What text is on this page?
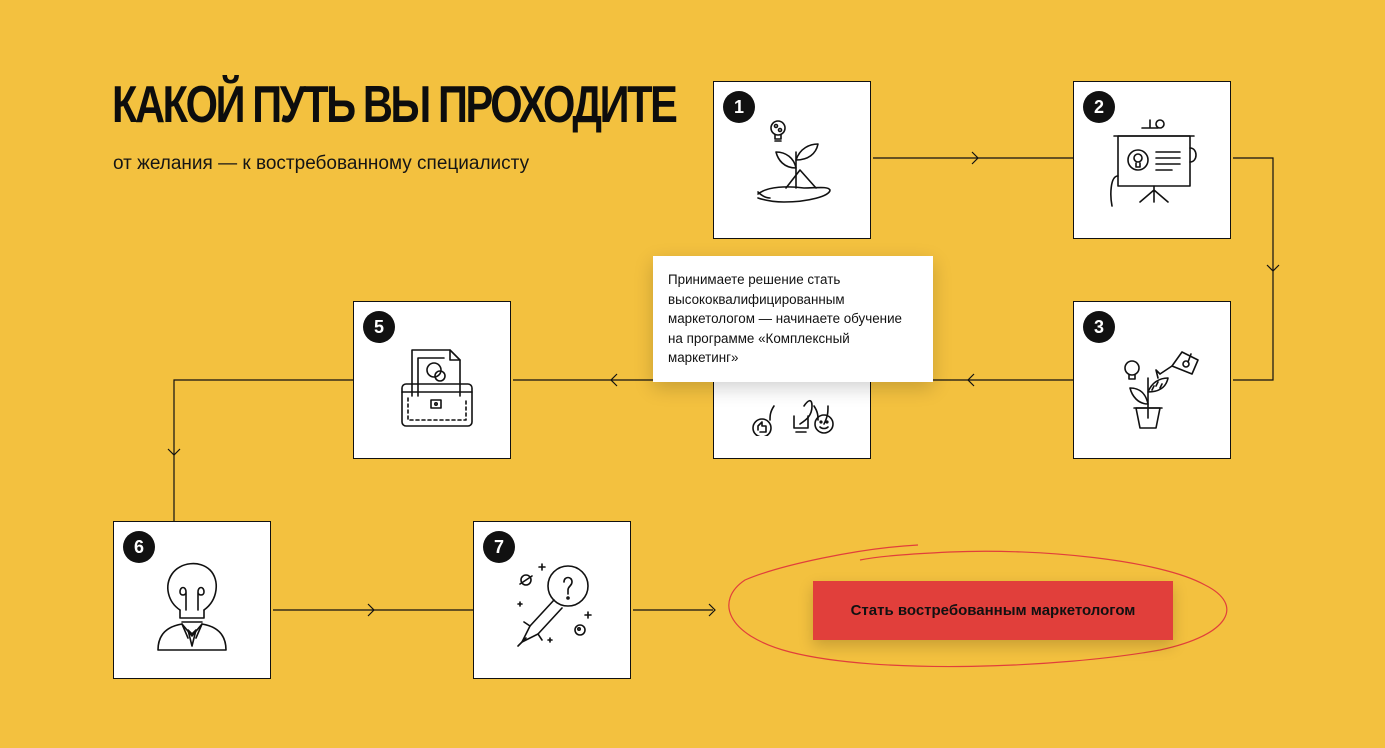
КАКОЙ ПУТЬ ВЫ ПРОХОДИТЕ
от желания — к востребованному специалисту
1	2
3
5
6	7
Принимаете решение стать высококвалифицированным маркетологом — начинаете обучение на программе «Комплексный маркетинг»
Стать востребованным маркетологом
